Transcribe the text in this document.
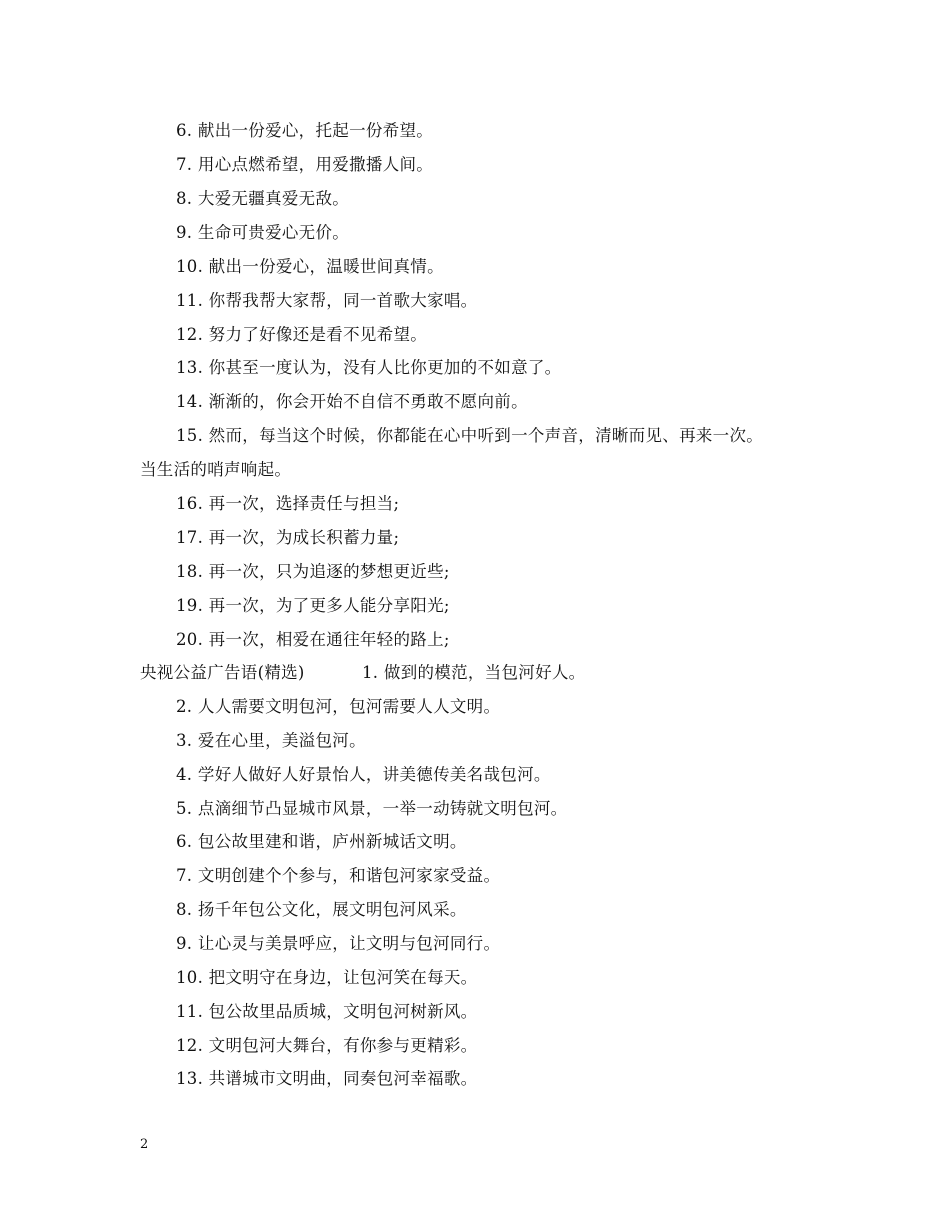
6. 献出一份爱心，托起一份希望。
7. 用心点燃希望，用爱撒播人间。
8. 大爱无疆真爱无敌。
9. 生命可贵爱心无价。
10. 献出一份爱心，温暖世间真情。
11. 你帮我帮大家帮，同一首歌大家唱。
12. 努力了好像还是看不见希望。
13. 你甚至一度认为，没有人比你更加的不如意了。
14. 渐渐的，你会开始不自信不勇敢不愿向前。
15. 然而，每当这个时候，你都能在心中听到一个声音，清晰而见、再来一次。
当生活的哨声响起。
16. 再一次，选择责任与担当;
17. 再一次，为成长积蓄力量;
18. 再一次，只为追逐的梦想更近些;
19. 再一次，为了更多人能分享阳光;
20. 再一次，相爱在通往年轻的路上;
央视公益广告语(精选)	1. 做到的模范，当包河好人。
2. 人人需要文明包河，包河需要人人文明。
3. 爱在心里，美溢包河。
4. 学好人做好人好景怡人，讲美德传美名哉包河。
5. 点滴细节凸显城市风景，一举一动铸就文明包河。
6. 包公故里建和谐，庐州新城话文明。
7. 文明创建个个参与，和谐包河家家受益。
8. 扬千年包公文化，展文明包河风采。
9. 让心灵与美景呼应，让文明与包河同行。
10. 把文明守在身边，让包河笑在每天。
11. 包公故里品质城，文明包河树新风。
12. 文明包河大舞台，有你参与更精彩。
13. 共谱城市文明曲，同奏包河幸福歌。
2
